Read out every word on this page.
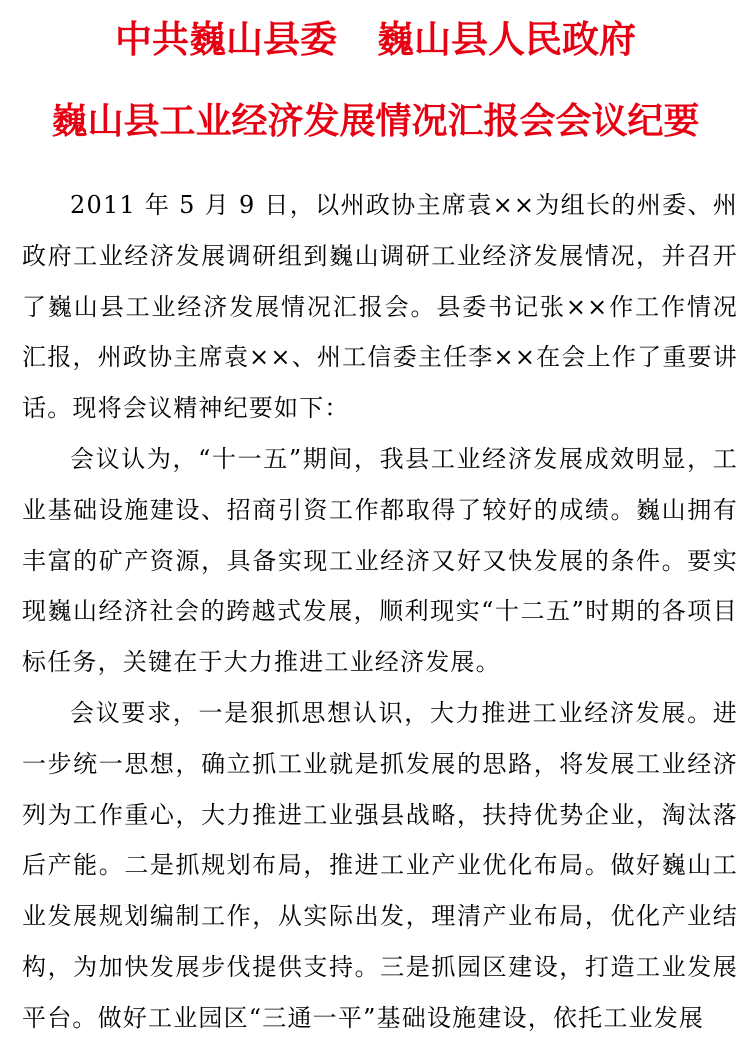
中共巍山县委 巍山县人民政府
巍山县工业经济发展情况汇报会会议纪要

2011 年 5 月 9 日，以州政协主席袁××为组长的州委、州政府工业经济发展调研组到巍山调研工业经济发展情况，并召开了巍山县工业经济发展情况汇报会。县委书记张××作工作情况汇报，州政协主席袁××、州工信委主任李××在会上作了重要讲话。现将会议精神纪要如下：

会议认为，“十一五”期间，我县工业经济发展成效明显，工业基础设施建设、招商引资工作都取得了较好的成绩。巍山拥有丰富的矿产资源，具备实现工业经济又好又快发展的条件。要实现巍山经济社会的跨越式发展，顺利现实“十二五”时期的各项目标任务，关键在于大力推进工业经济发展。

会议要求，一是狠抓思想认识，大力推进工业经济发展。进一步统一思想，确立抓工业就是抓发展的思路，将发展工业经济列为工作重心，大力推进工业强县战略，扶持优势企业，淘汰落后产能。二是抓规划布局，推进工业产业优化布局。做好巍山工业发展规划编制工作，从实际出发，理清产业布局，优化产业结构，为加快发展步伐提供支持。三是抓园区建设，打造工业发展平台。做好工业园区“三通一平”基础设施建设，依托工业发展
